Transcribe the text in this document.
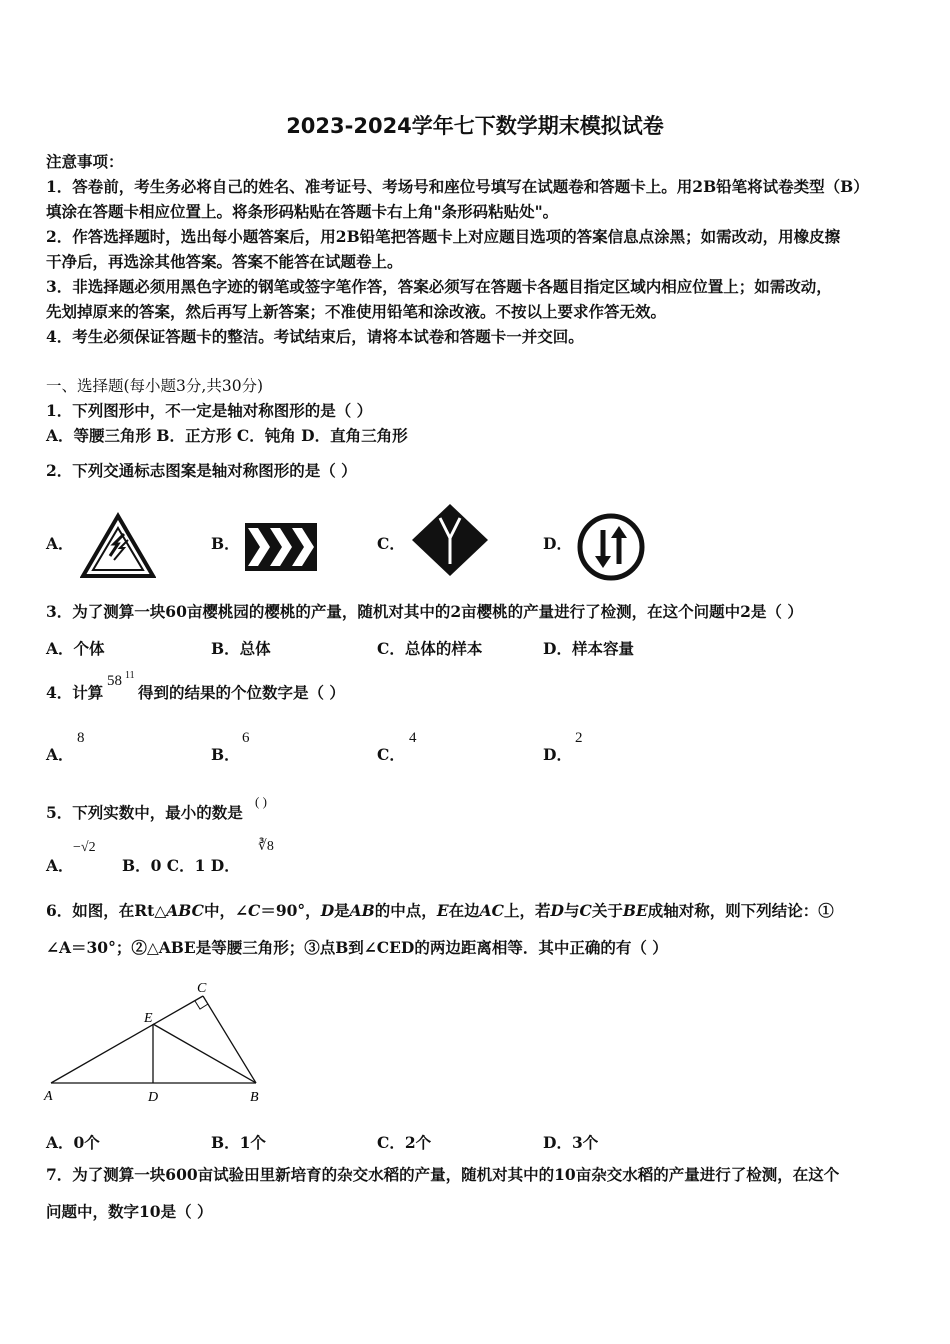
2023-2024学年七下数学期末模拟试卷
注意事项：
1．答卷前，考生务必将自己的姓名、准考证号、考场号和座位号填写在试题卷和答题卡上。用2B铅笔将试卷类型（B）
填涂在答题卡相应位置上。将条形码粘贴在答题卡右上角"条形码粘贴处"。
2．作答选择题时，选出每小题答案后，用2B铅笔把答题卡上对应题目选项的答案信息点涂黑；如需改动，用橡皮擦
干净后，再选涂其他答案。答案不能答在试题卷上。
3．非选择题必须用黑色字迹的钢笔或签字笔作答，答案必须写在答题卡各题目指定区域内相应位置上；如需改动，
先划掉原来的答案，然后再写上新答案；不准使用铅笔和涂改液。不按以上要求作答无效。
4．考生必须保证答题卡的整洁。考试结束后，请将本试卷和答题卡一并交回。
一、选择题(每小题3分,共30分)
1．下列图形中，不一定是轴对称图形的是（ ）
A．等腰三角形 B．正方形 C．钝角 D．直角三角形
2．下列交通标志图案是轴对称图形的是（ ）
A．	B．	C．	D．
3．为了测算一块60亩樱桃园的樱桃的产量，随机对其中的2亩樱桃的产量进行了检测，在这个问题中2是（ ）
A．个体	B．总体	C．总体的样本	D．样本容量
4．计算
58 11
得到的结果的个位数字是（ ）
A．
8
B．
6
C．
4
D．
2
5．下列实数中，最小的数是
( )
A．
−√2
B．0 C．1 D．
∛8
6．如图，在Rt△ABC中，∠C＝90°，D是AB的中点，E在边AC上，若D与C关于BE成轴对称，则下列结论：①
∠A＝30°；②△ABE是等腰三角形；③点B到∠CED的两边距离相等．其中正确的有（ ）
A	B
C
D
E
A．0个	B．1个	C．2个	D．3个
7．为了测算一块600亩试验田里新培育的杂交水稻的产量，随机对其中的10亩杂交水稻的产量进行了检测，在这个
问题中，数字10是（ ）
